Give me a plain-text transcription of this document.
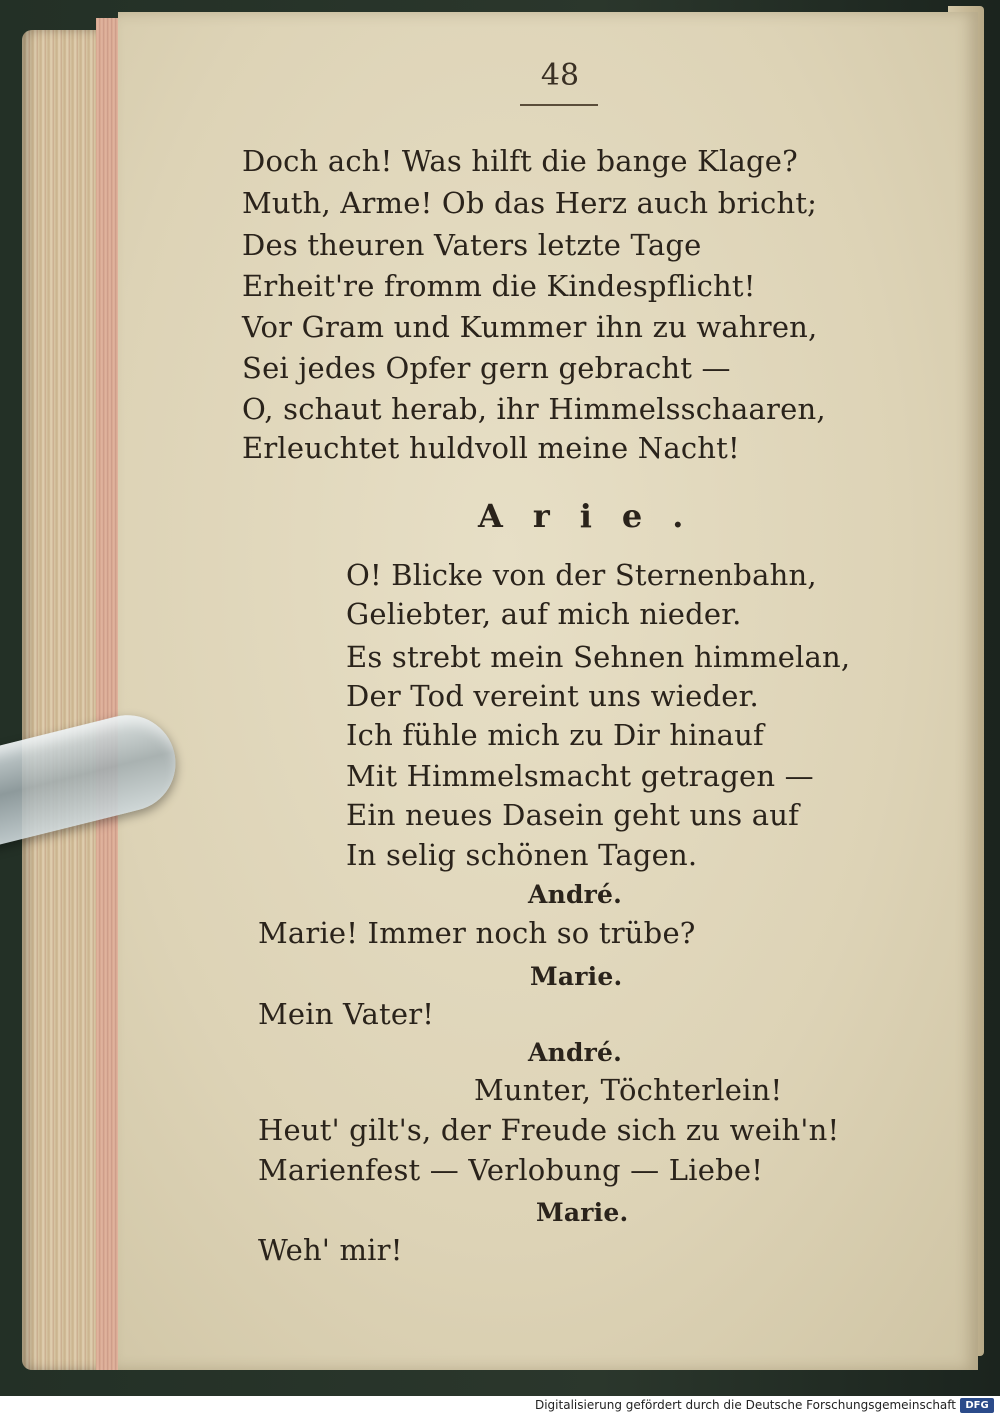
48
Doch ach! Was hilft die bange Klage?
Muth, Arme! Ob das Herz auch bricht;
Des theuren Vaters letzte Tage
Erheit're fromm die Kindespflicht!
Vor Gram und Kummer ihn zu wahren,
Sei jedes Opfer gern gebracht —
O, schaut herab, ihr Himmelsschaaren,
Erleuchtet huldvoll meine Nacht!
Arie.
O! Blicke von der Sternenbahn,
Geliebter, auf mich nieder.
Es strebt mein Sehnen himmelan,
Der Tod vereint uns wieder.
Ich fühle mich zu Dir hinauf
Mit Himmelsmacht getragen —
Ein neues Dasein geht uns auf
In selig schönen Tagen.
André.
Marie! Immer noch so trübe?
Marie.
Mein Vater!
André.
Munter, Töchterlein!
Heut' gilt's, der Freude sich zu weih'n!
Marienfest — Verlobung — Liebe!
Marie.
Weh' mir!
Digitalisierung gefördert durch die Deutsche Forschungsgemeinschaft DFG
